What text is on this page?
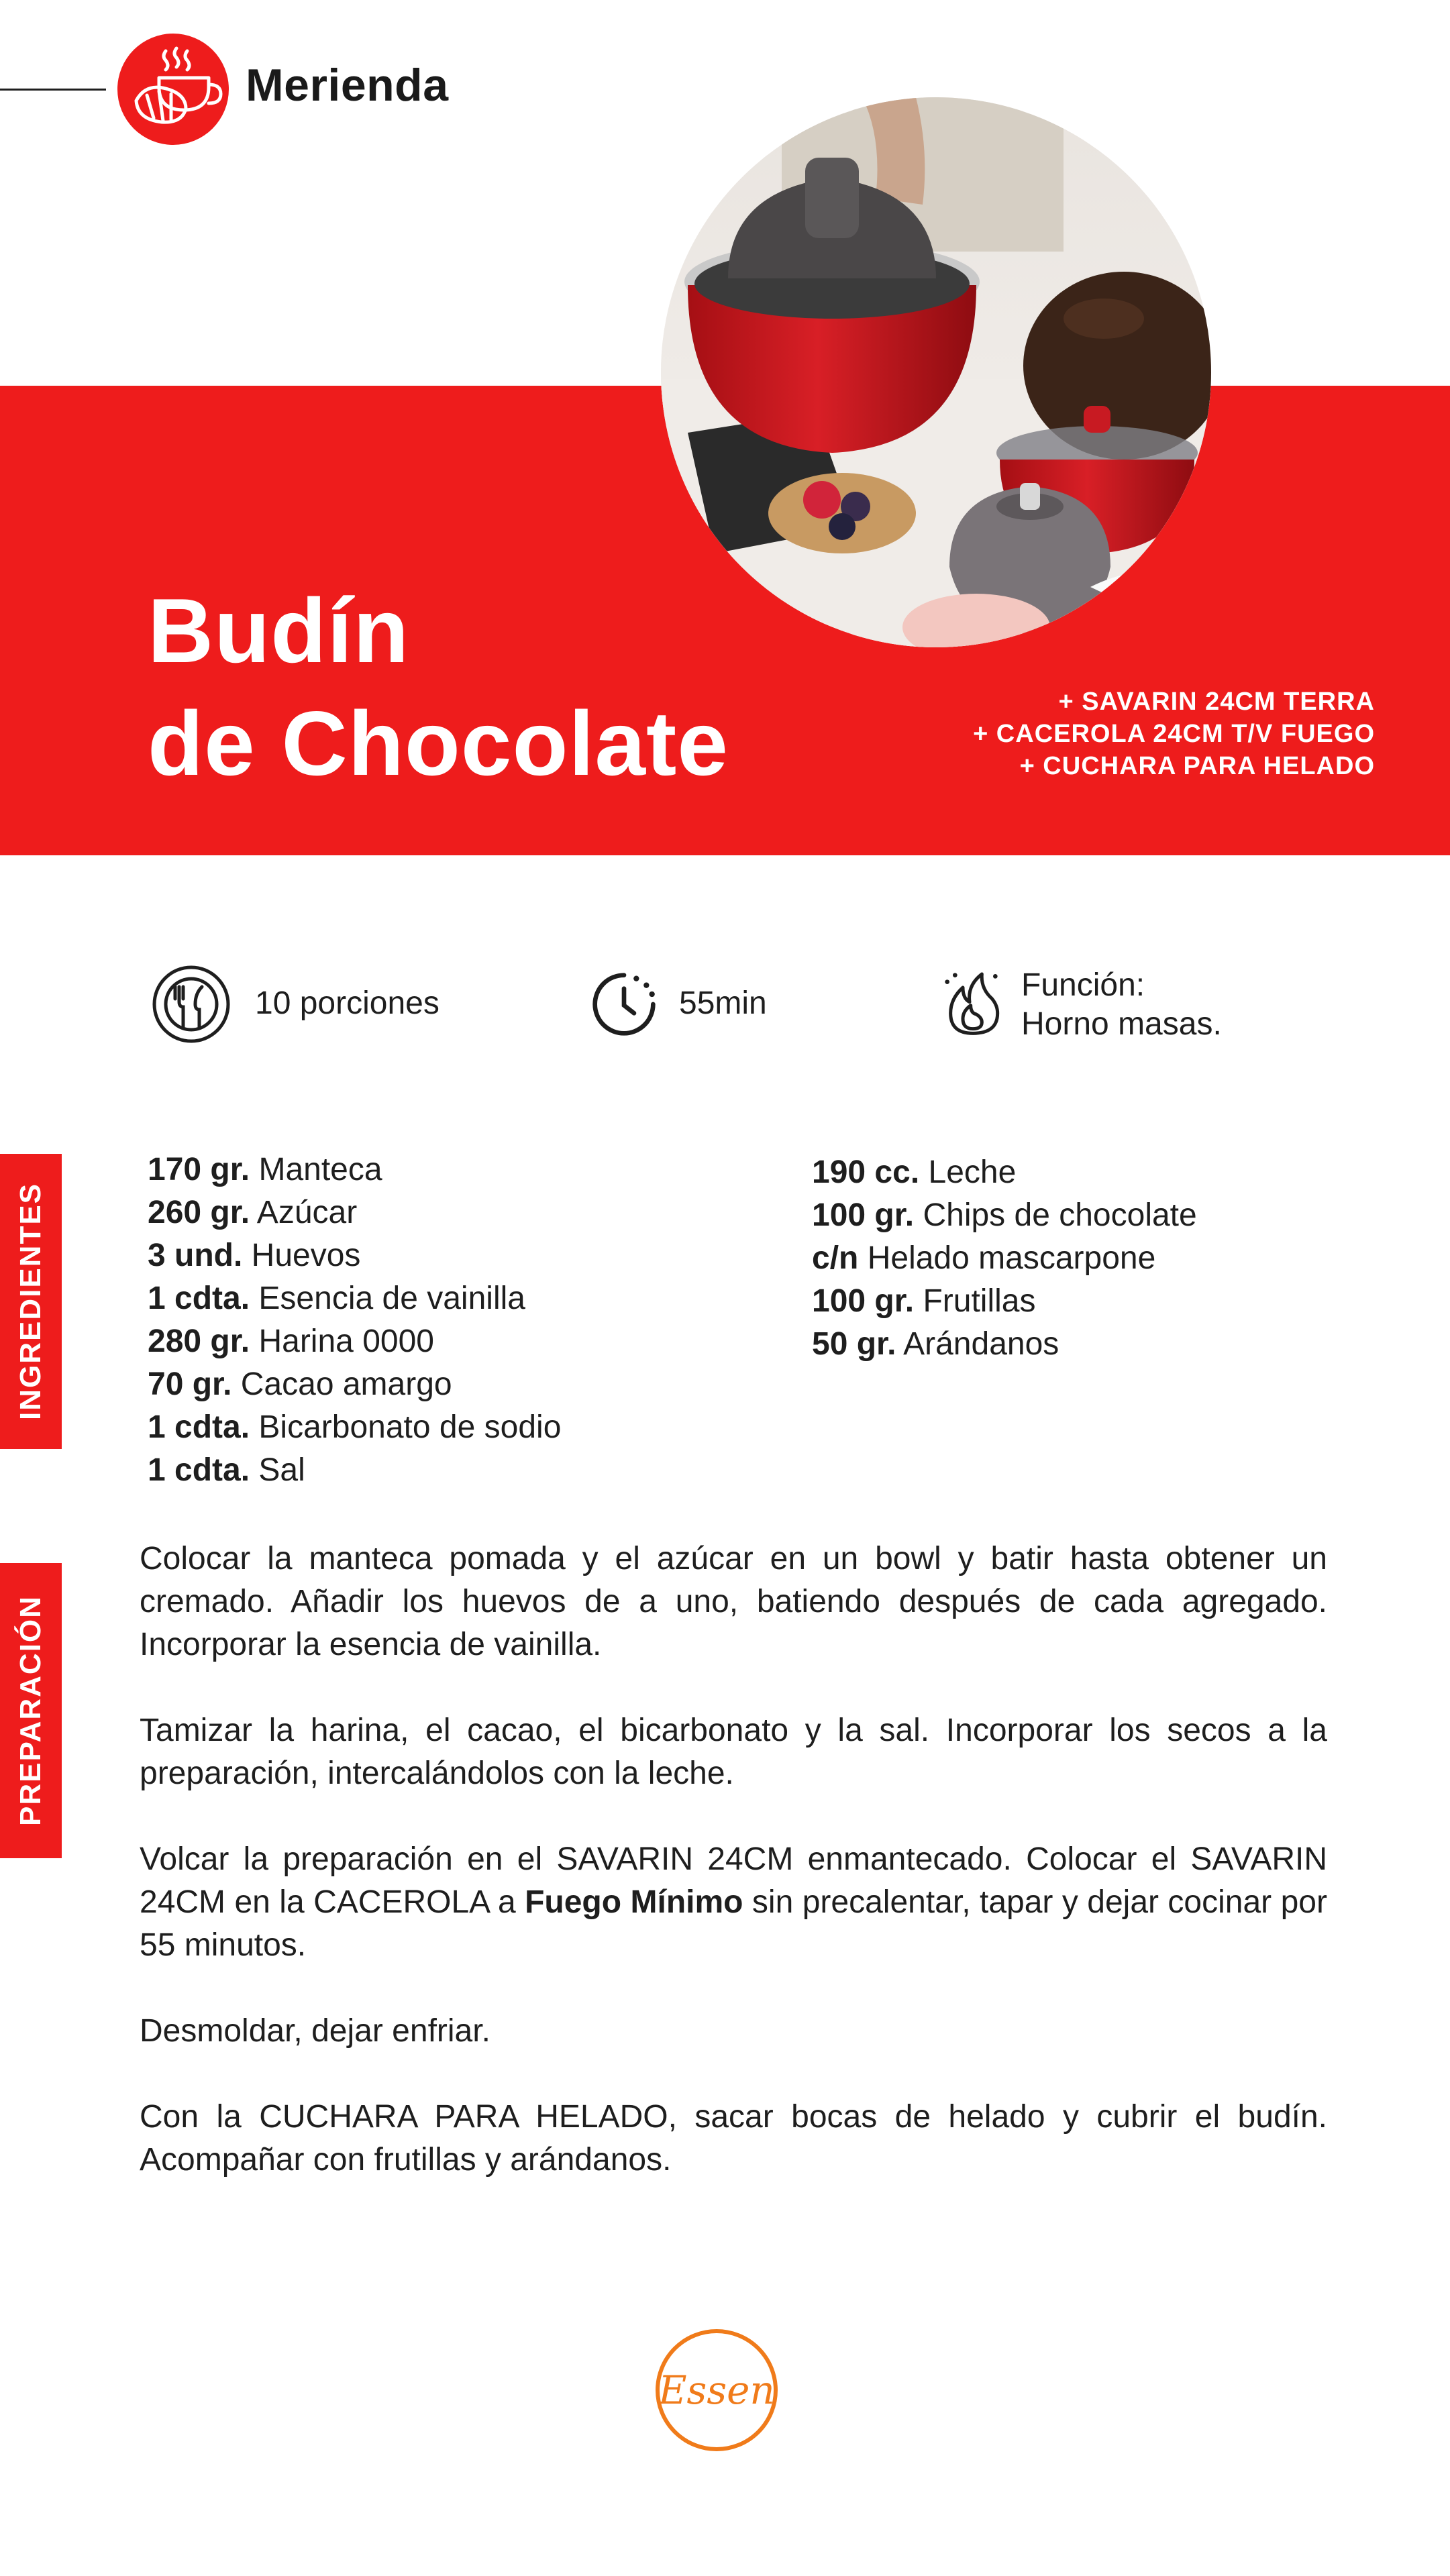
Merienda
Budín
de Chocolate	+ SAVARIN 24CM TERRA
+ CACEROLA 24CM T/V FUEGO
+ CUCHARA PARA HELADO
10 porciones	55min
Función:
Horno masas.
INGREDIENTES
170 gr. Manteca
260 gr. Azúcar
3 und. Huevos
1 cdta. Esencia de vainilla
280 gr. Harina 0000
70 gr. Cacao amargo
1 cdta. Bicarbonato de sodio
1 cdta. Sal
190 cc. Leche
100 gr. Chips de chocolate
c/n Helado mascarpone
100 gr. Frutillas
50 gr. Arándanos
PREPARACIÓN

Colocar la manteca pomada y el azúcar en un bowl y batir hasta obtener un cremado. Añadir los huevos de a uno, batiendo después de cada agregado. Incorporar la esencia de vainilla.

Tamizar la harina, el cacao, el bicarbonato y la sal. Incorporar los secos a la preparación, intercalándolos con la leche.

Volcar la preparación en el SAVARIN 24CM enmantecado. Colocar el SAVARIN 24CM en la CACEROLA a Fuego Mínimo sin precalentar, tapar y dejar cocinar por 55 minutos.

Desmoldar, dejar enfriar.

Con la CUCHARA PARA HELADO, sacar bocas de helado y cubrir el budín. Acompañar con frutillas y arándanos.

Essen
